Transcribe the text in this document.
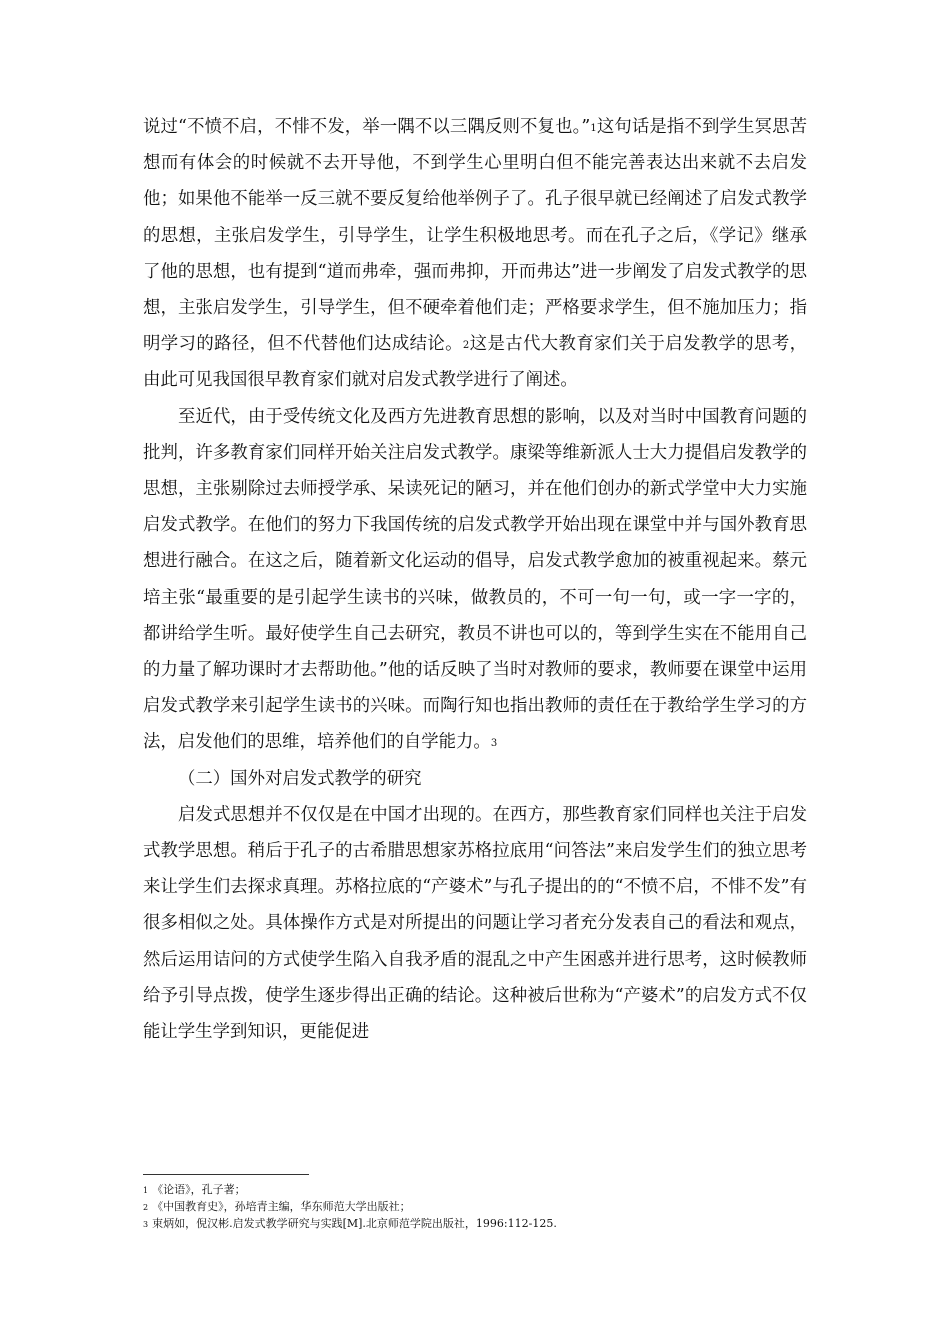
说过“不愤不启，不悱不发，举一隅不以三隅反则不复也。”$^1$这句话是指不到学生冥思苦想而有体会的时候就不去开导他，不到学生心里明白但不能完善表达出来就不去启发他；如果他不能举一反三就不要反复给他举例子了。孔子很早就已经阐述了启发式教学的思想，主张启发学生，引导学生，让学生积极地思考。而在孔子之后，《学记》继承了他的思想，也有提到“道而弗牵，强而弗抑，开而弗达”进一步阐发了启发式教学的思想，主张启发学生，引导学生，但不硬牵着他们走；严格要求学生，但不施加压力；指明学习的路径，但不代替他们达成结论。$^2$这是古代大教育家们关于启发教学的思考，由此可见我国很早教育家们就对启发式教学进行了阐述。

至近代，由于受传统文化及西方先进教育思想的影响，以及对当时中国教育问题的批判，许多教育家们同样开始关注启发式教学。康梁等维新派人士大力提倡启发教学的思想，主张剔除过去师授学承、呆读死记的陋习，并在他们创办的新式学堂中大力实施启发式教学。在他们的努力下我国传统的启发式教学开始出现在课堂中并与国外教育思想进行融合。在这之后，随着新文化运动的倡导，启发式教学愈加的被重视起来。蔡元培主张“最重要的是引起学生读书的兴味，做教员的，不可一句一句，或一字一字的，都讲给学生听。最好使学生自己去研究，教员不讲也可以的，等到学生实在不能用自己的力量了解功课时才去帮助他。”他的话反映了当时对教师的要求，教师要在课堂中运用启发式教学来引起学生读书的兴味。而陶行知也指出教师的责任在于教给学生学习的方法，启发他们的思维，培养他们的自学能力。$^3$

（二）国外对启发式教学的研究

启发式思想并不仅仅是在中国才出现的。在西方，那些教育家们同样也关注于启发式教学思想。稍后于孔子的古希腊思想家苏格拉底用“问答法”来启发学生们的独立思考来让学生们去探求真理。苏格拉底的“产婆术”与孔子提出的的“不愤不启，不悱不发”有很多相似之处。具体操作方式是对所提出的问题让学习者充分发表自己的看法和观点，然后运用诘问的方式使学生陷入自我矛盾的混乱之中产生困惑并进行思考，这时候教师给予引导点拨，使学生逐步得出正确的结论。这种被后世称为“产婆术”的启发方式不仅能让学生学到知识，更能促进

$^1$ 《论语》，孔子著；

$^2$ 《中国教育史》，孙培青主编，华东师范大学出版社；

$^3$ 束炳如，倪汉彬.启发式教学研究与实践[M].北京师范学院出版社，1996:112-125.
